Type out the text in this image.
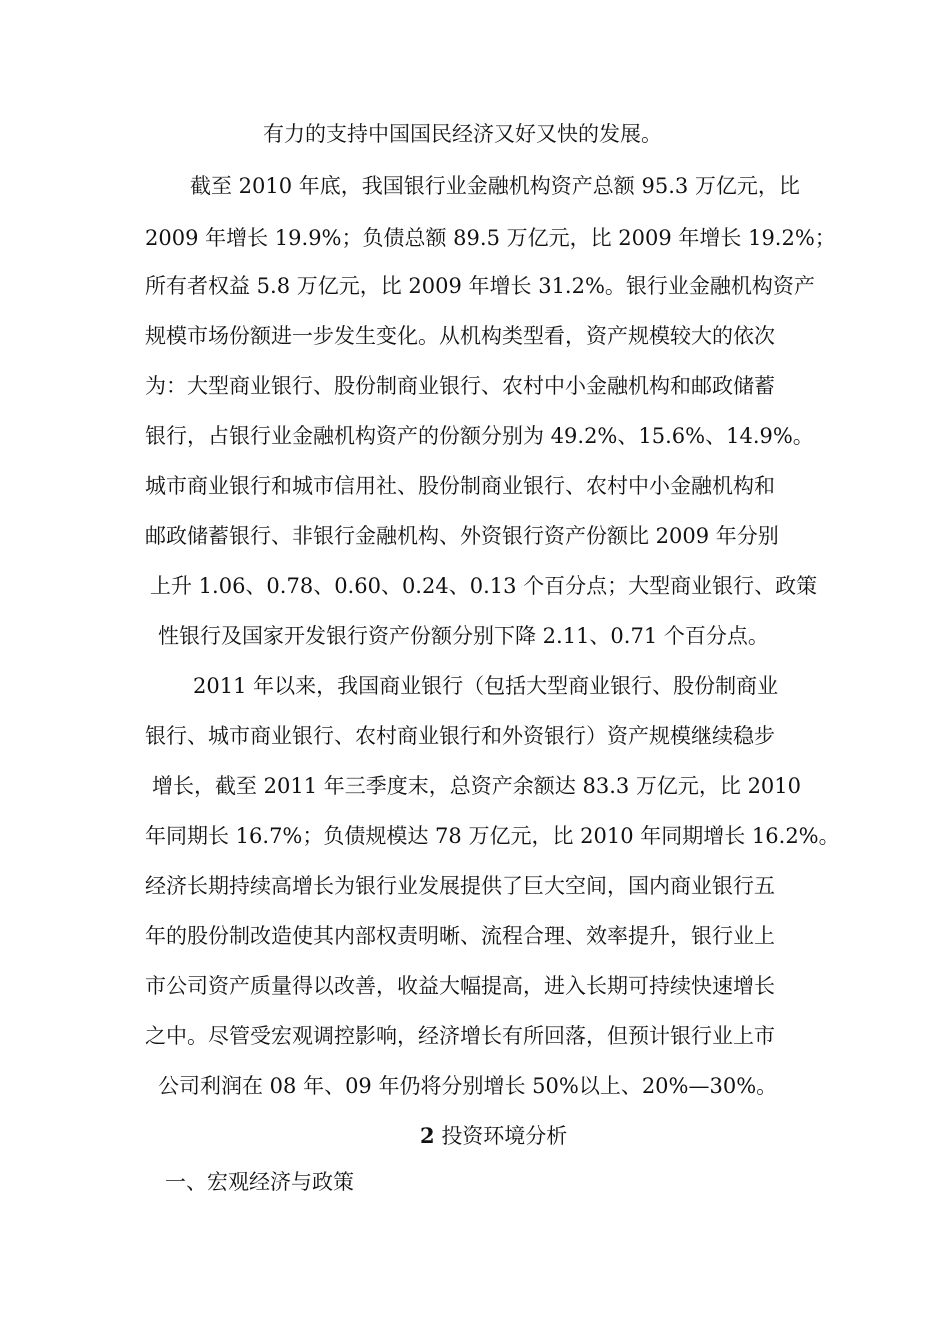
有力的支持中国国民经济又好又快的发展。

截至 2010 年底，我国银行业金融机构资产总额 95.3 万亿元，比

2009 年增长 19.9%；负债总额 89.5 万亿元，比 2009 年增长 19.2%；

所有者权益 5.8 万亿元，比 2009 年增长 31.2%。银行业金融机构资产

规模市场份额进一步发生变化。从机构类型看，资产规模较大的依次

为：大型商业银行、股份制商业银行、农村中小金融机构和邮政储蓄

银行，占银行业金融机构资产的份额分别为 49.2%、15.6%、14.9%。

城市商业银行和城市信用社、股份制商业银行、农村中小金融机构和

邮政储蓄银行、非银行金融机构、外资银行资产份额比 2009 年分别

上升 1.06、0.78、0.60、0.24、0.13 个百分点；大型商业银行、政策

性银行及国家开发银行资产份额分别下降 2.11、0.71 个百分点。

2011 年以来，我国商业银行（包括大型商业银行、股份制商业

银行、城市商业银行、农村商业银行和外资银行）资产规模继续稳步

增长，截至 2011 年三季度末，总资产余额达 83.3 万亿元，比 2010

年同期长 16.7%；负债规模达 78 万亿元，比 2010 年同期增长 16.2%。

经济长期持续高增长为银行业发展提供了巨大空间，国内商业银行五

年的股份制改造使其内部权责明晰、流程合理、效率提升，银行业上

市公司资产质量得以改善，收益大幅提高，进入长期可持续快速增长

之中。尽管受宏观调控影响，经济增长有所回落，但预计银行业上市

公司利润在 08 年、09 年仍将分别增长 50%以上、20%—30%。

2 投资环境分析

一、宏观经济与政策
